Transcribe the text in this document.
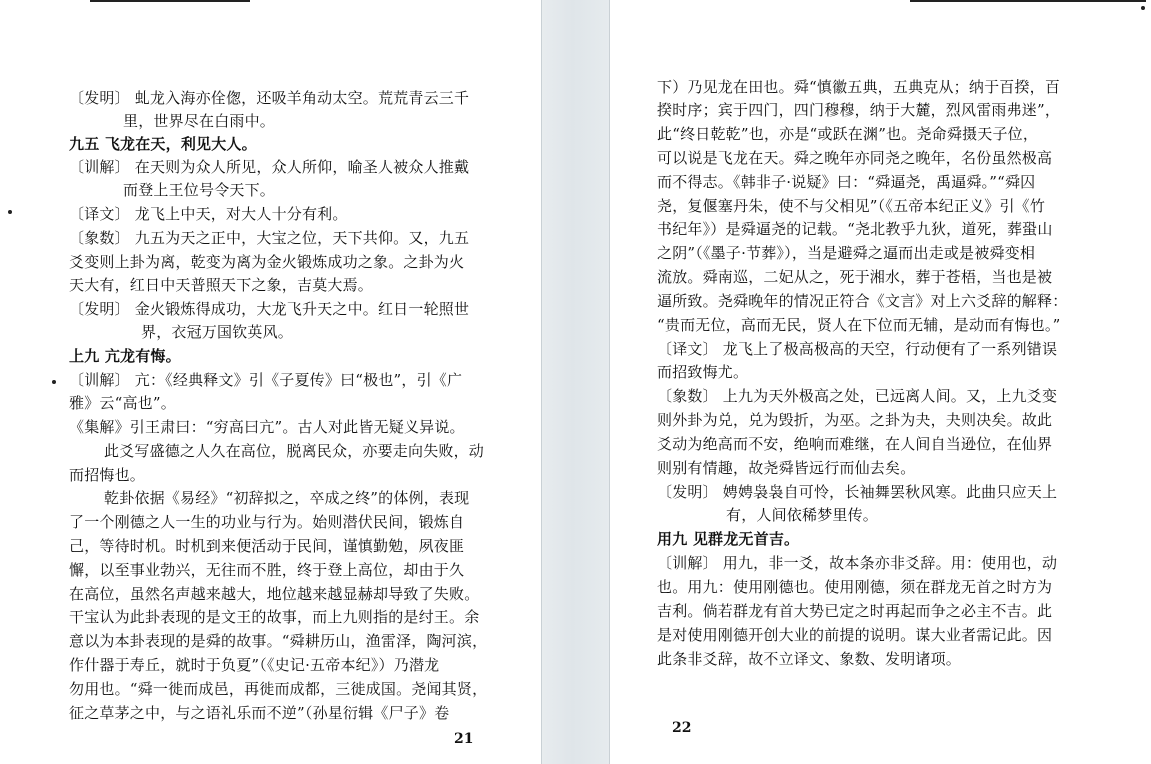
〔发明〕 虬龙入海亦佺偬，还吸羊角动太空。荒荒青云三千
里，世界尽在白雨中。
九五 飞龙在天，利见大人。
〔训解〕 在天则为众人所见，众人所仰，喻圣人被众人推戴
而登上王位号令天下。
〔译文〕 龙飞上中天，对大人十分有利。
〔象数〕 九五为天之正中，大宝之位，天下共仰。又，九五
爻变则上卦为离，乾变为离为金火锻炼成功之象。之卦为火
天大有，红日中天普照天下之象，吉莫大焉。
〔发明〕 金火锻炼得成功，大龙飞升天之中。红日一轮照世
界，衣冠万国钦英风。
上九 亢龙有悔。
〔训解〕 亢：《经典释文》引《子夏传》曰“极也”，引《广
雅》云“高也”。
《集解》引王肃曰：“穷高曰亢”。古人对此皆无疑义异说。
此爻写盛德之人久在高位，脱离民众，亦要走向失败，动
而招悔也。
乾卦依据《易经》“初辞拟之，卒成之终”的体例，表现
了一个刚德之人一生的功业与行为。始则潜伏民间，锻炼自
己，等待时机。时机到来便活动于民间，谨慎勤勉，夙夜匪
懈，以至事业勃兴，无往而不胜，终于登上高位，却由于久
在高位，虽然名声越来越大，地位越来越显赫却导致了失败。
干宝认为此卦表现的是文王的故事，而上九则指的是纣王。余
意以为本卦表现的是舜的故事。“舜耕历山，渔雷泽，陶河滨，
作什器于寿丘，就时于负夏”（《史记·五帝本纪》）乃潜龙
勿用也。“舜一徙而成邑，再徙而成都，三徙成国。尧闻其贤，
征之草茅之中，与之语礼乐而不逆”（孙星衍辑《尸子》卷
21
下）乃见龙在田也。舜“慎徽五典，五典克从；纳于百揆，百
揆时序；宾于四门，四门穆穆，纳于大麓，烈风雷雨弗迷”，
此“终日乾乾”也，亦是“或跃在渊”也。尧命舜摄天子位，
可以说是飞龙在天。舜之晚年亦同尧之晚年，名份虽然极高
而不得志。《韩非子·说疑》曰：“舜逼尧，禹逼舜。”“舜囚
尧，复偃塞丹朱，使不与父相见”（《五帝本纪正义》引《竹
书纪年》）是舜逼尧的记载。“尧北教乎九狄，道死，葬蛩山
之阴”（《墨子·节葬》），当是避舜之逼而出走或是被舜变相
流放。舜南巡，二妃从之，死于湘水，葬于苍梧，当也是被
逼所致。尧舜晚年的情况正符合《文言》对上六爻辞的解释：
“贵而无位，高而无民，贤人在下位而无辅，是动而有悔也。”
〔译文〕 龙飞上了极高极高的天空，行动便有了一系列错误
而招致悔尤。
〔象数〕 上九为天外极高之处，已远离人间。又，上九爻变
则外卦为兑，兑为毁折，为巫。之卦为夬，夬则决矣。故此
爻动为绝高而不安，绝响而难继，在人间自当逊位，在仙界
则别有情趣，故尧舜皆远行而仙去矣。
〔发明〕 娉娉袅袅自可怜，长袖舞罢秋风寒。此曲只应天上
有，人间依稀梦里传。
用九 见群龙无首吉。
〔训解〕 用九，非一爻，故本条亦非爻辞。用：使用也，动
也。用九：使用刚德也。使用刚德，须在群龙无首之时方为
吉利。倘若群龙有首大势已定之时再起而争之必主不吉。此
是对使用刚德开创大业的前提的说明。谋大业者需记此。因
此条非爻辞，故不立译文、象数、发明诸项。
22
